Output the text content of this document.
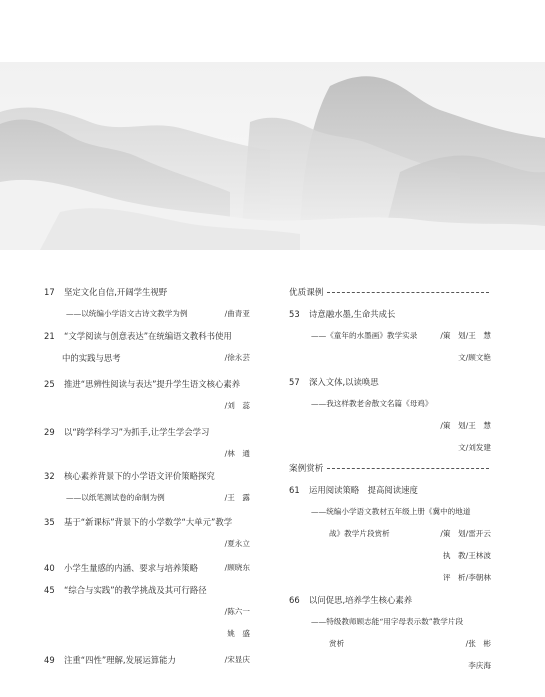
17 坚定文化自信,开阔学生视野
——以统编小学语文古诗文教学为例	/曲青亚
21 “文学阅读与创意表达”在统编语文教科书使用
中的实践与思考	/徐永芸
25 推进“思辨性阅读与表达”提升学生语文核心素养
/刘　蕊
29 以“跨学科学习”为抓手,让学生学会学习
/林　通
32 核心素养背景下的小学语文评价策略探究
——以纸笔测试卷的命制为例	/王　露
35 基于“新课标”背景下的小学数学“大单元”教学
/夏永立
40 小学生量感的内涵、要求与培养策略	/顾晓东
45 “综合与实践”的教学挑战及其可行路径
/陈六一
姚　盛
49 注重“四性”理解,发展运算能力	/宋显庆
优质课例
53 诗意融水墨,生命共成长
——《童年的水墨画》教学实录	/策　划/王　慧
文/顾文艳
57 深入文体,以读唤思
——我这样教老舍散文名篇《母鸡》
/策　划/王　慧
文/刘发建
案例赏析
61 运用阅读策略　提高阅读速度
——统编小学语文教材五年级上册《冀中的地道
战》教学片段赏析	/策　划/雷开云
执　教/王林波
评　析/李朝林
66 以问促思,培养学生核心素养
——特级教师顾志能“用字母表示数”教学片段
赏析	/张　彬
李庆海
